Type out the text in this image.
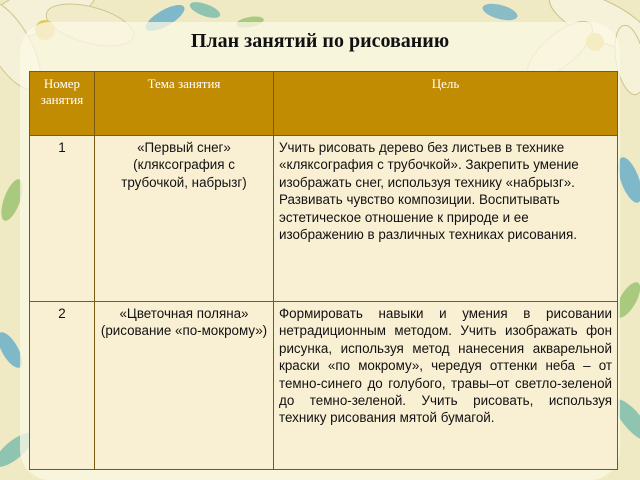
План занятий по рисованию
Номер занятия	Тема занятия	Цель
1	«Первый снег» (кляксография с трубочкой, набрызг)	Учить рисовать дерево без листьев в технике «кляксография с трубочкой». Закрепить умение изображать снег, используя технику «набрызг». Развивать чувство композиции. Воспитывать эстетическое отношение к природе и ее изображению в различных техниках рисования.
2	«Цветочная поляна» (рисование «по-мокрому»)	Формировать навыки и умения в рисовании нетрадиционным методом. Учить изображать фон рисунка, используя метод нанесения акварельной краски «по мокрому», чередуя оттенки неба – от темно-синего до голубого, травы–от светло-зеленой до темно-зеленой. Учить рисовать, используя технику рисования мятой бумагой.
